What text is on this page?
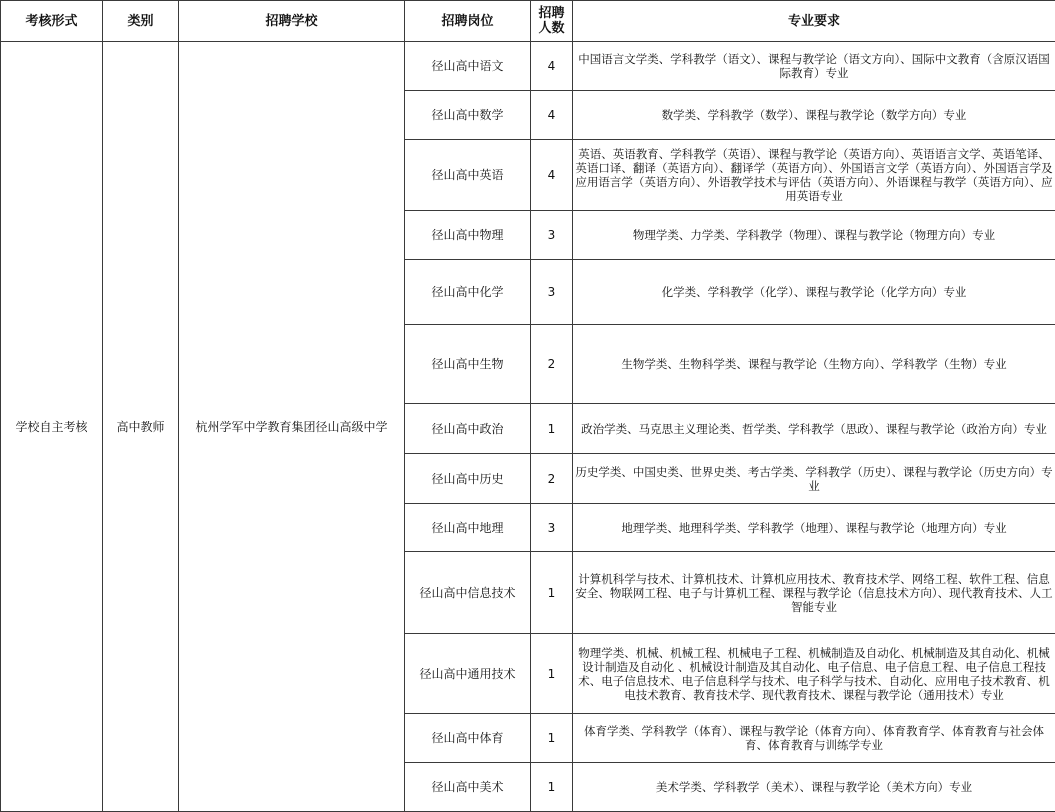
考核形式	类别	招聘学校	招聘岗位	招聘人数	专业要求
学校自主考核	高中教师	杭州学军中学教育集团径山高级中学	径山高中语文	4	中国语言文学类、学科教学（语文）、课程与教学论（语文方向）、国际中文教育（含原汉语国际教育）专业
			径山高中数学	4	数学类、学科教学（数学）、课程与教学论（数学方向）专业
			径山高中英语	4	英语、英语教育、学科教学（英语）、课程与教学论（英语方向）、英语语言文学、英语笔译、英语口译、翻译（英语方向）、翻译学（英语方向）、外国语言文学（英语方向）、外国语言学及应用语言学（英语方向）、外语教学技术与评估（英语方向）、外语课程与教学（英语方向）、应用英语专业
			径山高中物理	3	物理学类、力学类、学科教学（物理）、课程与教学论（物理方向）专业
			径山高中化学	3	化学类、学科教学（化学）、课程与教学论（化学方向）专业
			径山高中生物	2	生物学类、生物科学类、课程与教学论（生物方向）、学科教学（生物）专业
			径山高中政治	1	政治学类、马克思主义理论类、哲学类、学科教学（思政）、课程与教学论（政治方向）专业
			径山高中历史	2	历史学类、中国史类、世界史类、考古学类、学科教学（历史）、课程与教学论（历史方向）专业
			径山高中地理	3	地理学类、地理科学类、学科教学（地理）、课程与教学论（地理方向）专业
			径山高中信息技术	1	计算机科学与技术、计算机技术、计算机应用技术、教育技术学、网络工程、软件工程、信息安全、物联网工程、电子与计算机工程、课程与教学论（信息技术方向）、现代教育技术、人工智能专业
			径山高中通用技术	1	物理学类、机械、机械工程、机械电子工程、机械制造及自动化、机械制造及其自动化、机械设计制造及自动化 、机械设计制造及其自动化、电子信息、电子信息工程、电子信息工程技术、电子信息技术、电子信息科学与技术、电子科学与技术、自动化、应用电子技术教育、机电技术教育、教育技术学、现代教育技术、课程与教学论（通用技术）专业
			径山高中体育	1	体育学类、学科教学（体育）、课程与教学论（体育方向）、体育教育学、体育教育与社会体育、体育教育与训练学专业
			径山高中美术	1	美术学类、学科教学（美术）、课程与教学论（美术方向）专业
